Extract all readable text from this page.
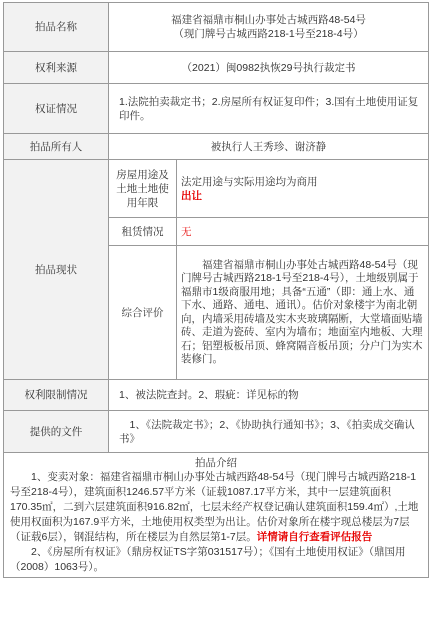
拍品名称	福建省福鼎市桐山办事处古城西路48-54号
（现门牌号古城西路218-1号至218-4号）	

权利来源	（2021）闽0982执恢29号执行裁定书	
权证情况	1.法院拍卖裁定书；2.房屋所有权证复印件；3.国有土地使用证复印件。	
拍品所有人	被执行人王秀珍、谢济静	
拍品现状	房屋用途及土地土地使用年限	法定用途与实际用途均为商用
出让

	租赁情况	无
	综合评价	福建省福鼎市桐山办事处古城西路48-54号（现门牌号古城西路218-1号至218-4号），土地级别属于福鼎市1级商服用地；具备“五通”（即：通上水、通下水、通路、通电、通讯）。估价对象楼宇为南北朝向，内墙采用砖墙及实木夹玻璃隔断，大堂墙面贴墙砖、走道为瓷砖、室内为墙布；地面室内地板、大理石；铝塑板板吊顶、蜂窝隔音板吊顶；分户门为实木装修门。
权利限制情况	1、被法院查封。2、瑕疵：详见标的物	
提供的文件	1、《法院裁定书》；2、《协助执行通知书》；3、《拍卖成交确认书》	

拍品介绍

1、变卖对象：福建省福鼎市桐山办事处古城西路48-54号（现门牌号古城西路218-1号至218-4号），建筑面积1246.57平方米（证载1087.17平方米，其中一层建筑面积170.35㎡，二到六层建筑面积916.82㎡，七层未经产权登记确认建筑面积159.4㎡）,土地使用权面积为167.9平方米，土地使用权类型为出让。估价对象所在楼宇现总楼层为7层（证载6层），钢混结构，所在楼层为自然层第1-7层。详情请自行查看评估报告

2、《房屋所有权证》（鼎房权证TS字第031517号）；《国有土地使用权证》（鼎国用（2008）1063号）。		
